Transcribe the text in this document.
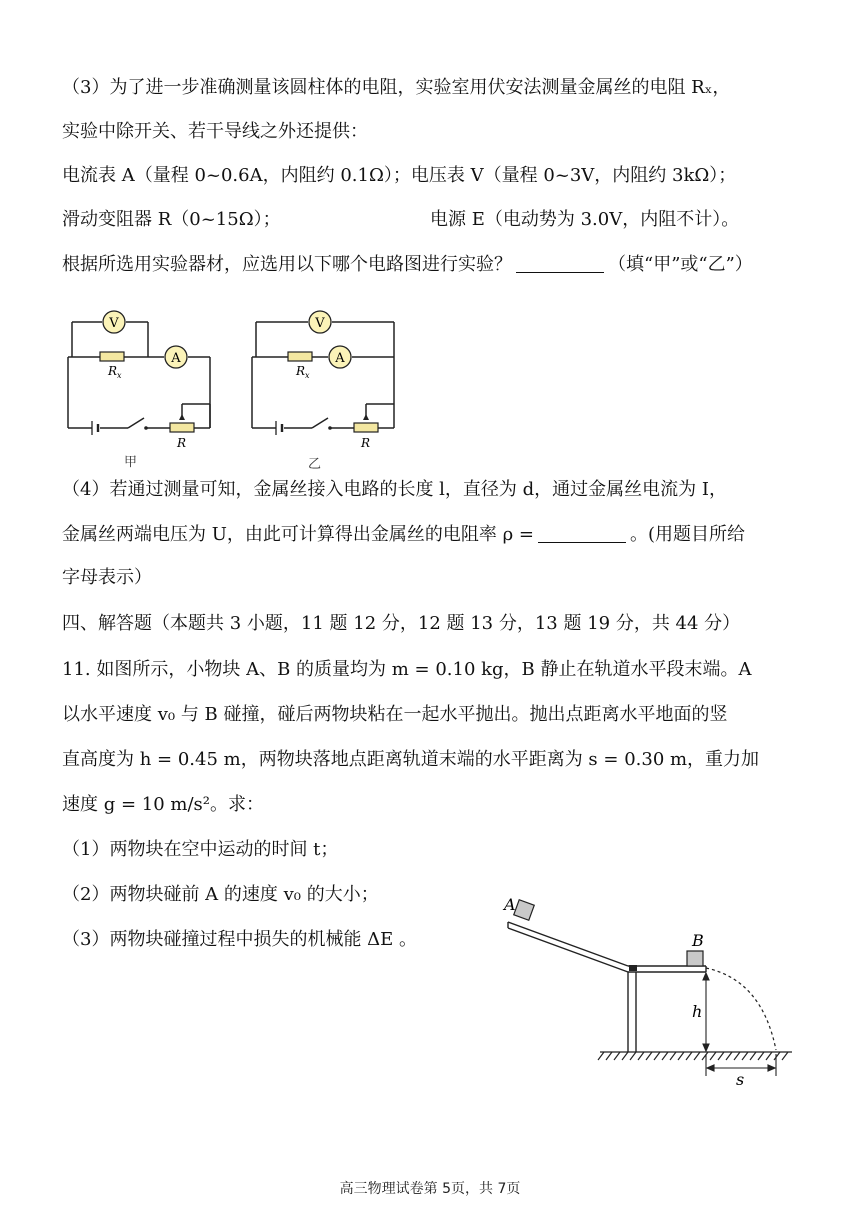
（3）为了进一步准确测量该圆柱体的电阻，实验室用伏安法测量金属丝的电阻 Rₓ，
实验中除开关、若干导线之外还提供：
电流表 A（量程 0~0.6A，内阻约 0.1Ω）；电压表 V（量程 0~3V，内阻约 3kΩ）；
滑动变阻器 R（0~15Ω）；	电源 E（电动势为 3.0V，内阻不计）。
根据所选用实验器材，应选用以下哪个电路图进行实验？	（填“甲”或“乙”）
V
$R_x$
A
R
甲
V
$R_x$
A
R
乙
（4）若通过测量可知，金属丝接入电路的长度 l，直径为 d，通过金属丝电流为 I，
金属丝两端电压为 U，由此可计算得出金属丝的电阻率 ρ =	。(用题目所给
字母表示）
四、解答题（本题共 3 小题，11 题 12 分，12 题 13 分，13 题 19 分，共 44 分）
11. 如图所示，小物块 A、B 的质量均为 m = 0.10 kg，B 静止在轨道水平段末端。A
以水平速度 v₀ 与 B 碰撞，碰后两物块粘在一起水平抛出。抛出点距离水平地面的竖
直高度为 h = 0.45 m，两物块落地点距离轨道末端的水平距离为 s = 0.30 m，重力加
速度 g = 10 m/s²。求：
（1）两物块在空中运动的时间 t；
（2）两物块碰前 A 的速度 v₀ 的大小；
（3）两物块碰撞过程中损失的机械能 ΔE 。
A
B
h
s
高三物理试卷第 5页，共 7页
